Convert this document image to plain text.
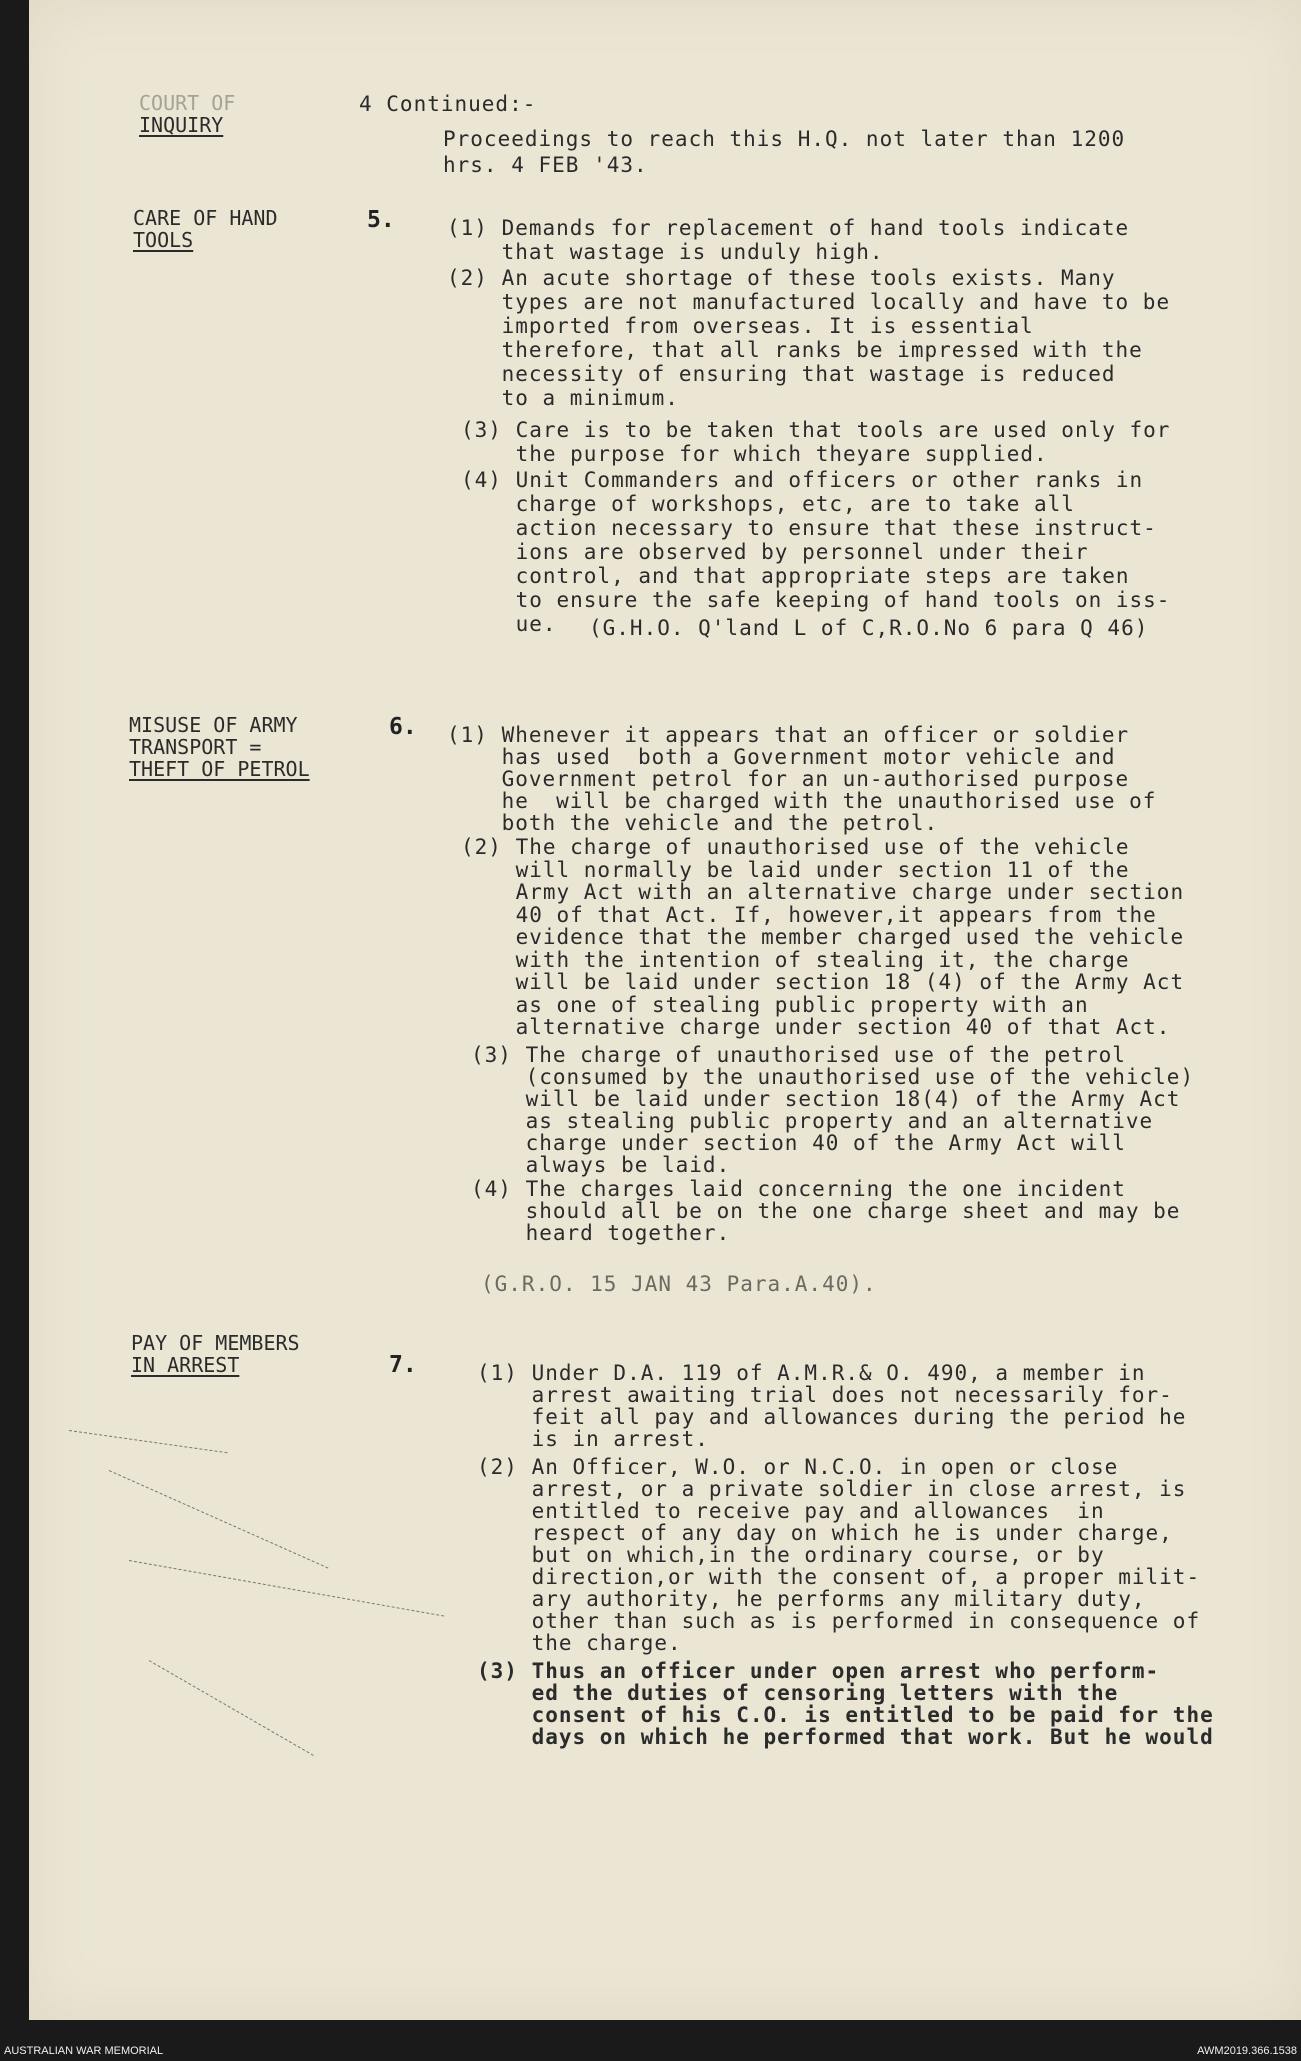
COURT OF
INQUIRY
4 Continued:-
Proceedings to reach this H.Q. not later than 1200
hrs. 4 FEB '43.
CARE OF HAND
TOOLS
5. (1) Demands for replacement of hand tools indicate
that wastage is unduly high.
(2) An acute shortage of these tools exists. Many
types are not manufactured locally and have to be
imported from overseas. It is essential
therefore, that all ranks be impressed with the
necessity of ensuring that wastage is reduced
to a minimum.
(3) Care is to be taken that tools are used only for
the purpose for which theyare supplied.
(4) Unit Commanders and officers or other ranks in
charge of workshops, etc, are to take all
action necessary to ensure that these instruct-
ions are observed by personnel under their
control, and that appropriate steps are taken
to ensure the safe keeping of hand tools on iss-
ue.	(G.H.O. Q'land L of C,R.O.No 6 para Q 46)
MISUSE OF ARMY
TRANSPORT =
THEFT OF PETROL
6. (1) Whenever it appears that an officer or soldier
has used  both a Government motor vehicle and
Government petrol for an un-authorised purpose
he  will be charged with the unauthorised use of
both the vehicle and the petrol.
(2) The charge of unauthorised use of the vehicle
will normally be laid under section 11 of the
Army Act with an alternative charge under section
40 of that Act. If, however,it appears from the
evidence that the member charged used the vehicle
with the intention of stealing it, the charge
will be laid under section 18 (4) of the Army Act
as one of stealing public property with an
alternative charge under section 40 of that Act.
(3) The charge of unauthorised use of the petrol
(consumed by the unauthorised use of the vehicle)
will be laid under section 18(4) of the Army Act
as stealing public property and an alternative
charge under section 40 of the Army Act will
always be laid.
(4) The charges laid concerning the one incident
should all be on the one charge sheet and may be
heard together.
(G.R.O. 15 JAN 43 Para.A.40).
PAY OF MEMBERS
IN ARREST	7.	(1) Under D.A. 119 of A.M.R.& O. 490, a member in
arrest awaiting trial does not necessarily for-
feit all pay and allowances during the period he
is in arrest.
(2) An Officer, W.O. or N.C.O. in open or close
arrest, or a private soldier in close arrest, is
entitled to receive pay and allowances  in
respect of any day on which he is under charge,
but on which,in the ordinary course, or by
direction,or with the consent of, a proper milit-
ary authority, he performs any military duty,
other than such as is performed in consequence of
the charge.
(3) Thus an officer under open arrest who perform-
ed the duties of censoring letters with the
consent of his C.O. is entitled to be paid for the
days on which he performed that work. But he would
AUSTRALIAN WAR MEMORIAL	AWM2019.366.1538
